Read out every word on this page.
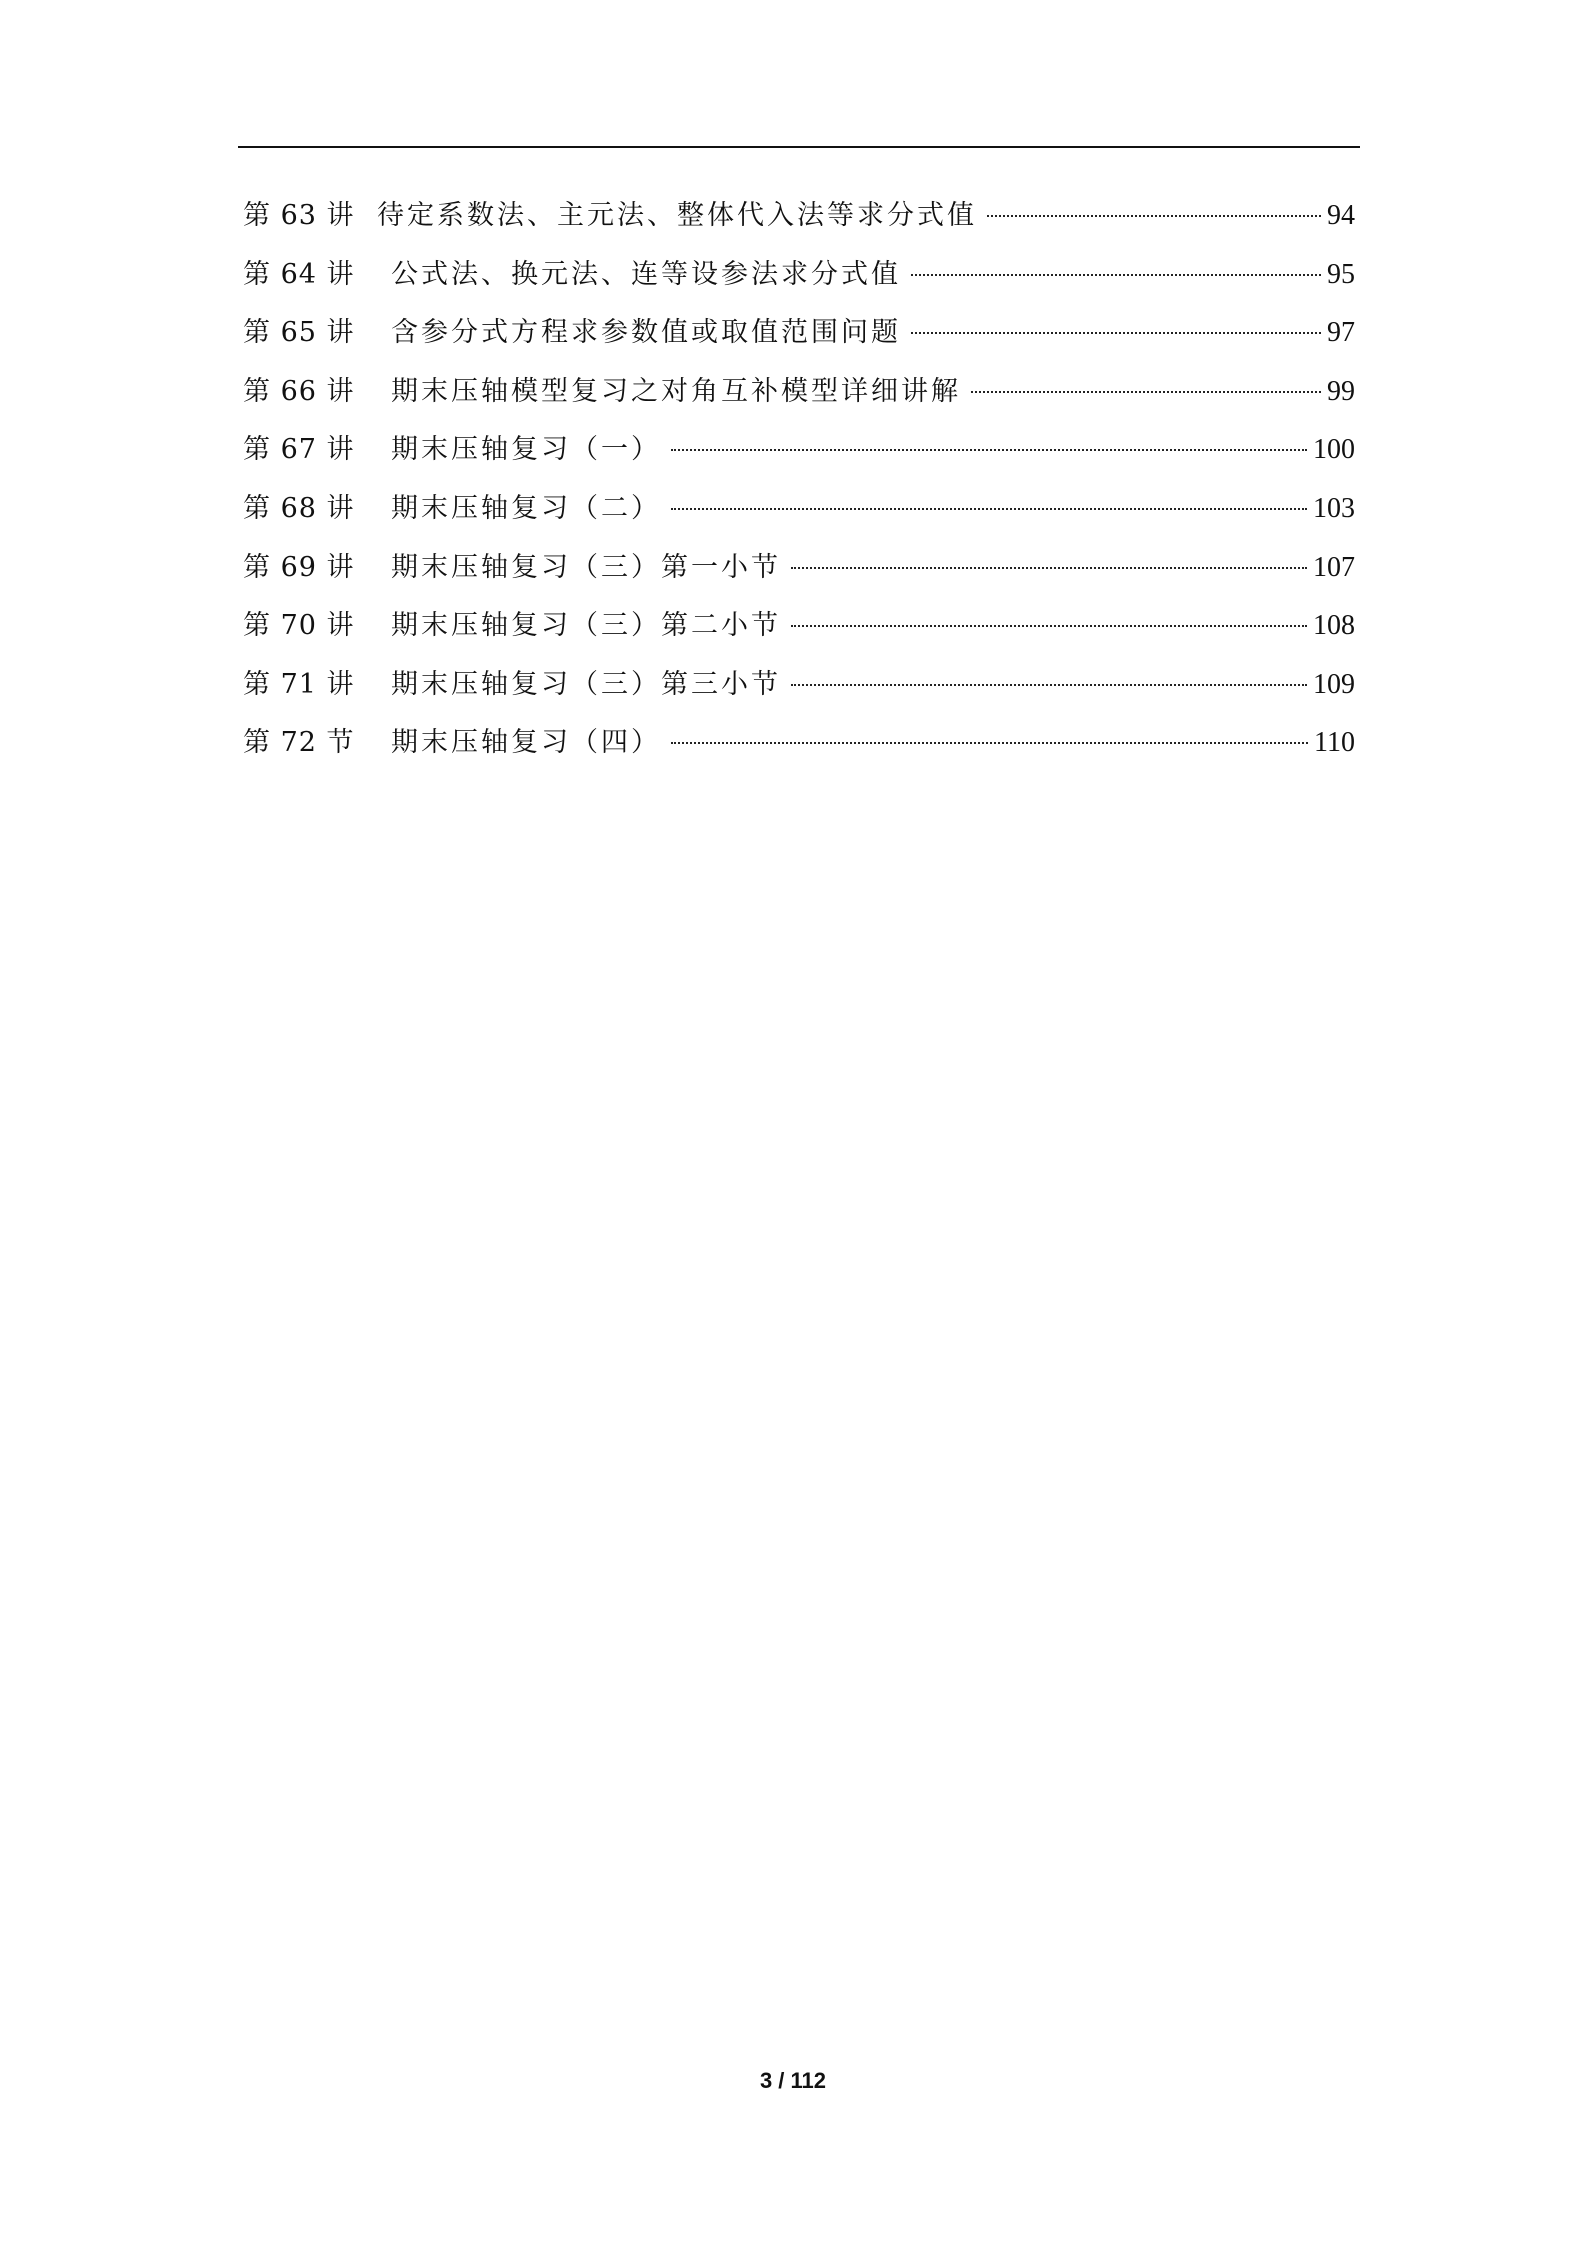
第 63 讲 待定系数法、主元法、整体代入法等求分式值	94
第 64 讲	公式法、换元法、连等设参法求分式值	95
第 65 讲	含参分式方程求参数值或取值范围问题	97
第 66 讲	期末压轴模型复习之对角互补模型详细讲解	99
第 67 讲	期末压轴复习（一）	100
第 68 讲	期末压轴复习（二）	103
第 69 讲	期末压轴复习（三）第一小节	107
第 70 讲	期末压轴复习（三）第二小节	108
第 71 讲	期末压轴复习（三）第三小节	109
第 72 节	期末压轴复习（四）	110
3 / 112
